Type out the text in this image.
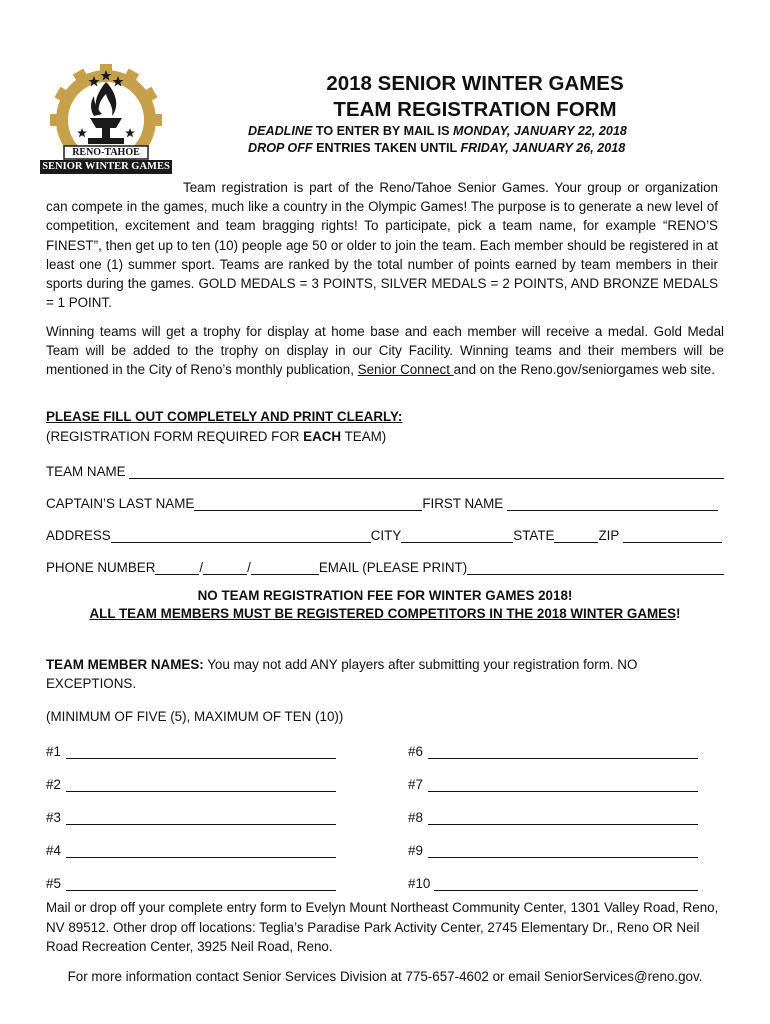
RENO-TAHOE
SENIOR WINTER GAMES
2018 SENIOR WINTER GAMES
TEAM REGISTRATION FORM
DEADLINE TO ENTER BY MAIL IS MONDAY, JANUARY 22, 2018
DROP OFF ENTRIES TAKEN UNTIL FRIDAY, JANUARY 26, 2018
Team registration is part of the Reno/Tahoe Senior Games. Your group or organization can compete in the games, much like a country in the Olympic Games! The purpose is to generate a new level of competition, excitement and team bragging rights! To participate, pick a team name, for example “RENO’S FINEST”, then get up to ten (10) people age 50 or older to join the team. Each member should be registered in at least one (1) summer sport. Teams are ranked by the total number of points earned by team members in their sports during the games. GOLD MEDALS = 3 POINTS, SILVER MEDALS = 2 POINTS, AND BRONZE MEDALS = 1 POINT.
Winning teams will get a trophy for display at home base and each member will receive a medal. Gold Medal Team will be added to the trophy on display in our City Facility. Winning teams and their members will be mentioned in the City of Reno’s monthly publication, Senior Connect and on the Reno.gov/seniorgames web site.
PLEASE FILL OUT COMPLETELY AND PRINT CLEARLY:
(REGISTRATION FORM REQUIRED FOR EACH TEAM)
TEAM NAME

CAPTAIN’S LAST NAME	FIRST NAME

ADDRESS	CITY	STATE	ZIP

PHONE NUMBER	/	/	EMAIL (PLEASE PRINT)
NO TEAM REGISTRATION FEE FOR WINTER GAMES 2018!
ALL TEAM MEMBERS MUST BE REGISTERED COMPETITORS IN THE 2018 WINTER GAMES!
TEAM MEMBER NAMES: You may not add ANY players after submitting your registration form. NO EXCEPTIONS.
(MINIMUM OF FIVE (5), MAXIMUM OF TEN (10))
#1
#2
#3
#4
#5
#6
#7
#8
#9
#10
Mail or drop off your complete entry form to Evelyn Mount Northeast Community Center, 1301 Valley Road, Reno, NV 89512. Other drop off locations: Teglia’s Paradise Park Activity Center, 2745 Elementary Dr., Reno OR Neil Road Recreation Center, 3925 Neil Road, Reno.
For more information contact Senior Services Division at 775-657-4602 or email SeniorServices@reno.gov.
